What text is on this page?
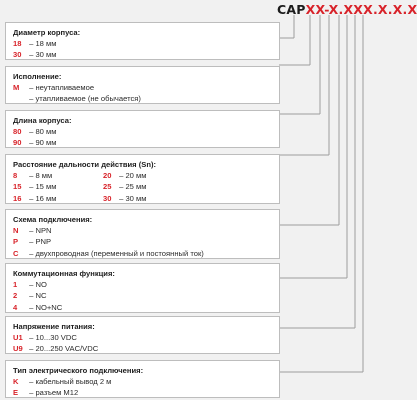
CAPXX-X.XXX.X.X.X
Диаметр корпуса:
18 – 18 мм
30 – 30 мм
Исполнение:
M – неутапливаемое
– утапливаемое (не обычается)
Длина корпуса:
80 – 80 мм
90 – 90 мм
Расстояние дальности действия (Sn):
8 – 8 мм	20 – 20 мм
15 – 15 мм	25 – 25 мм
16 – 16 мм	30 – 30 мм
Схема подключения:
N – NPN
P – PNP
C – двухпроводная (переменный и постоянный ток)
Коммутационная функция:
1 – NO
2 – NC
4 – NO+NC
Напряжение питания:
U1 – 10...30 VDC
U9 – 20...250 VAC/VDC
Тип электрического подключения:
K – кабельный вывод 2 м
E – разъем M12
